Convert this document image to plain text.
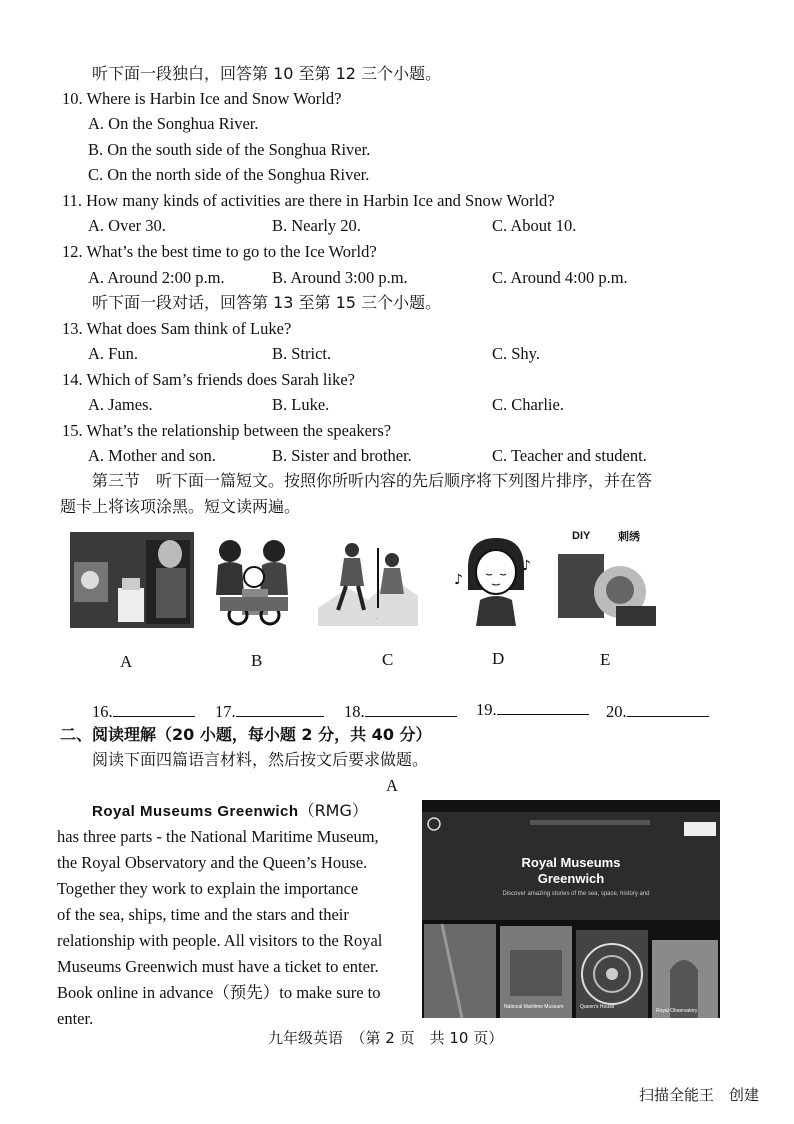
听下面一段独白，回答第 10 至第 12 三个小题。
10. Where is Harbin Ice and Snow World?
A. On the Songhua River.
B. On the south side of the Songhua River.
C. On the north side of the Songhua River.
11. How many kinds of activities are there in Harbin Ice and Snow World?
A. Over 30.	B. Nearly 20.	C. About 10.
12. What’s the best time to go to the Ice World?
A. Around 2:00 p.m.	B. Around 3:00 p.m.	C. Around 4:00 p.m.
听下面一段对话，回答第 13 至第 15 三个小题。
13. What does Sam think of Luke?
A. Fun.	B. Strict.	C. Shy.
14. Which of Sam’s friends does Sarah like?
A. James.	B. Luke.	C. Charlie.
15. What’s the relationship between the speakers?
A. Mother and son.	B. Sister and brother.	C. Teacher and student.
第三节　听下面一篇短文。按照你所听内容的先后顺序将下列图片排序，并在答
题卡上将该项涂黑。短文读两遍。
·
♪
♪
DIY	刺绣
A	B	C	D	E
16.	17.	18.	19.	20.
二、阅读理解（20 小题，每小题 2 分，共 40 分）
阅读下面四篇语言材料，然后按文后要求做题。
A
Royal Museums Greenwich（RMG）
has three parts - the National Maritime Museum,
the Royal Observatory and the Queen’s House.
Together they work to explain the importance
of the sea, ships, time and the stars and their
relationship with people. All visitors to the Royal
Museums Greenwich must have a ticket to enter.
Book online in advance（预先）to make sure to
enter.
Royal Museums
Greenwich
Discover amazing stories of the sea, space, history and
National Maritime Museum	Queen’s House
Royal Observatory
九年级英语　（第 2 页　共 10 页）
扫描全能王　创建
